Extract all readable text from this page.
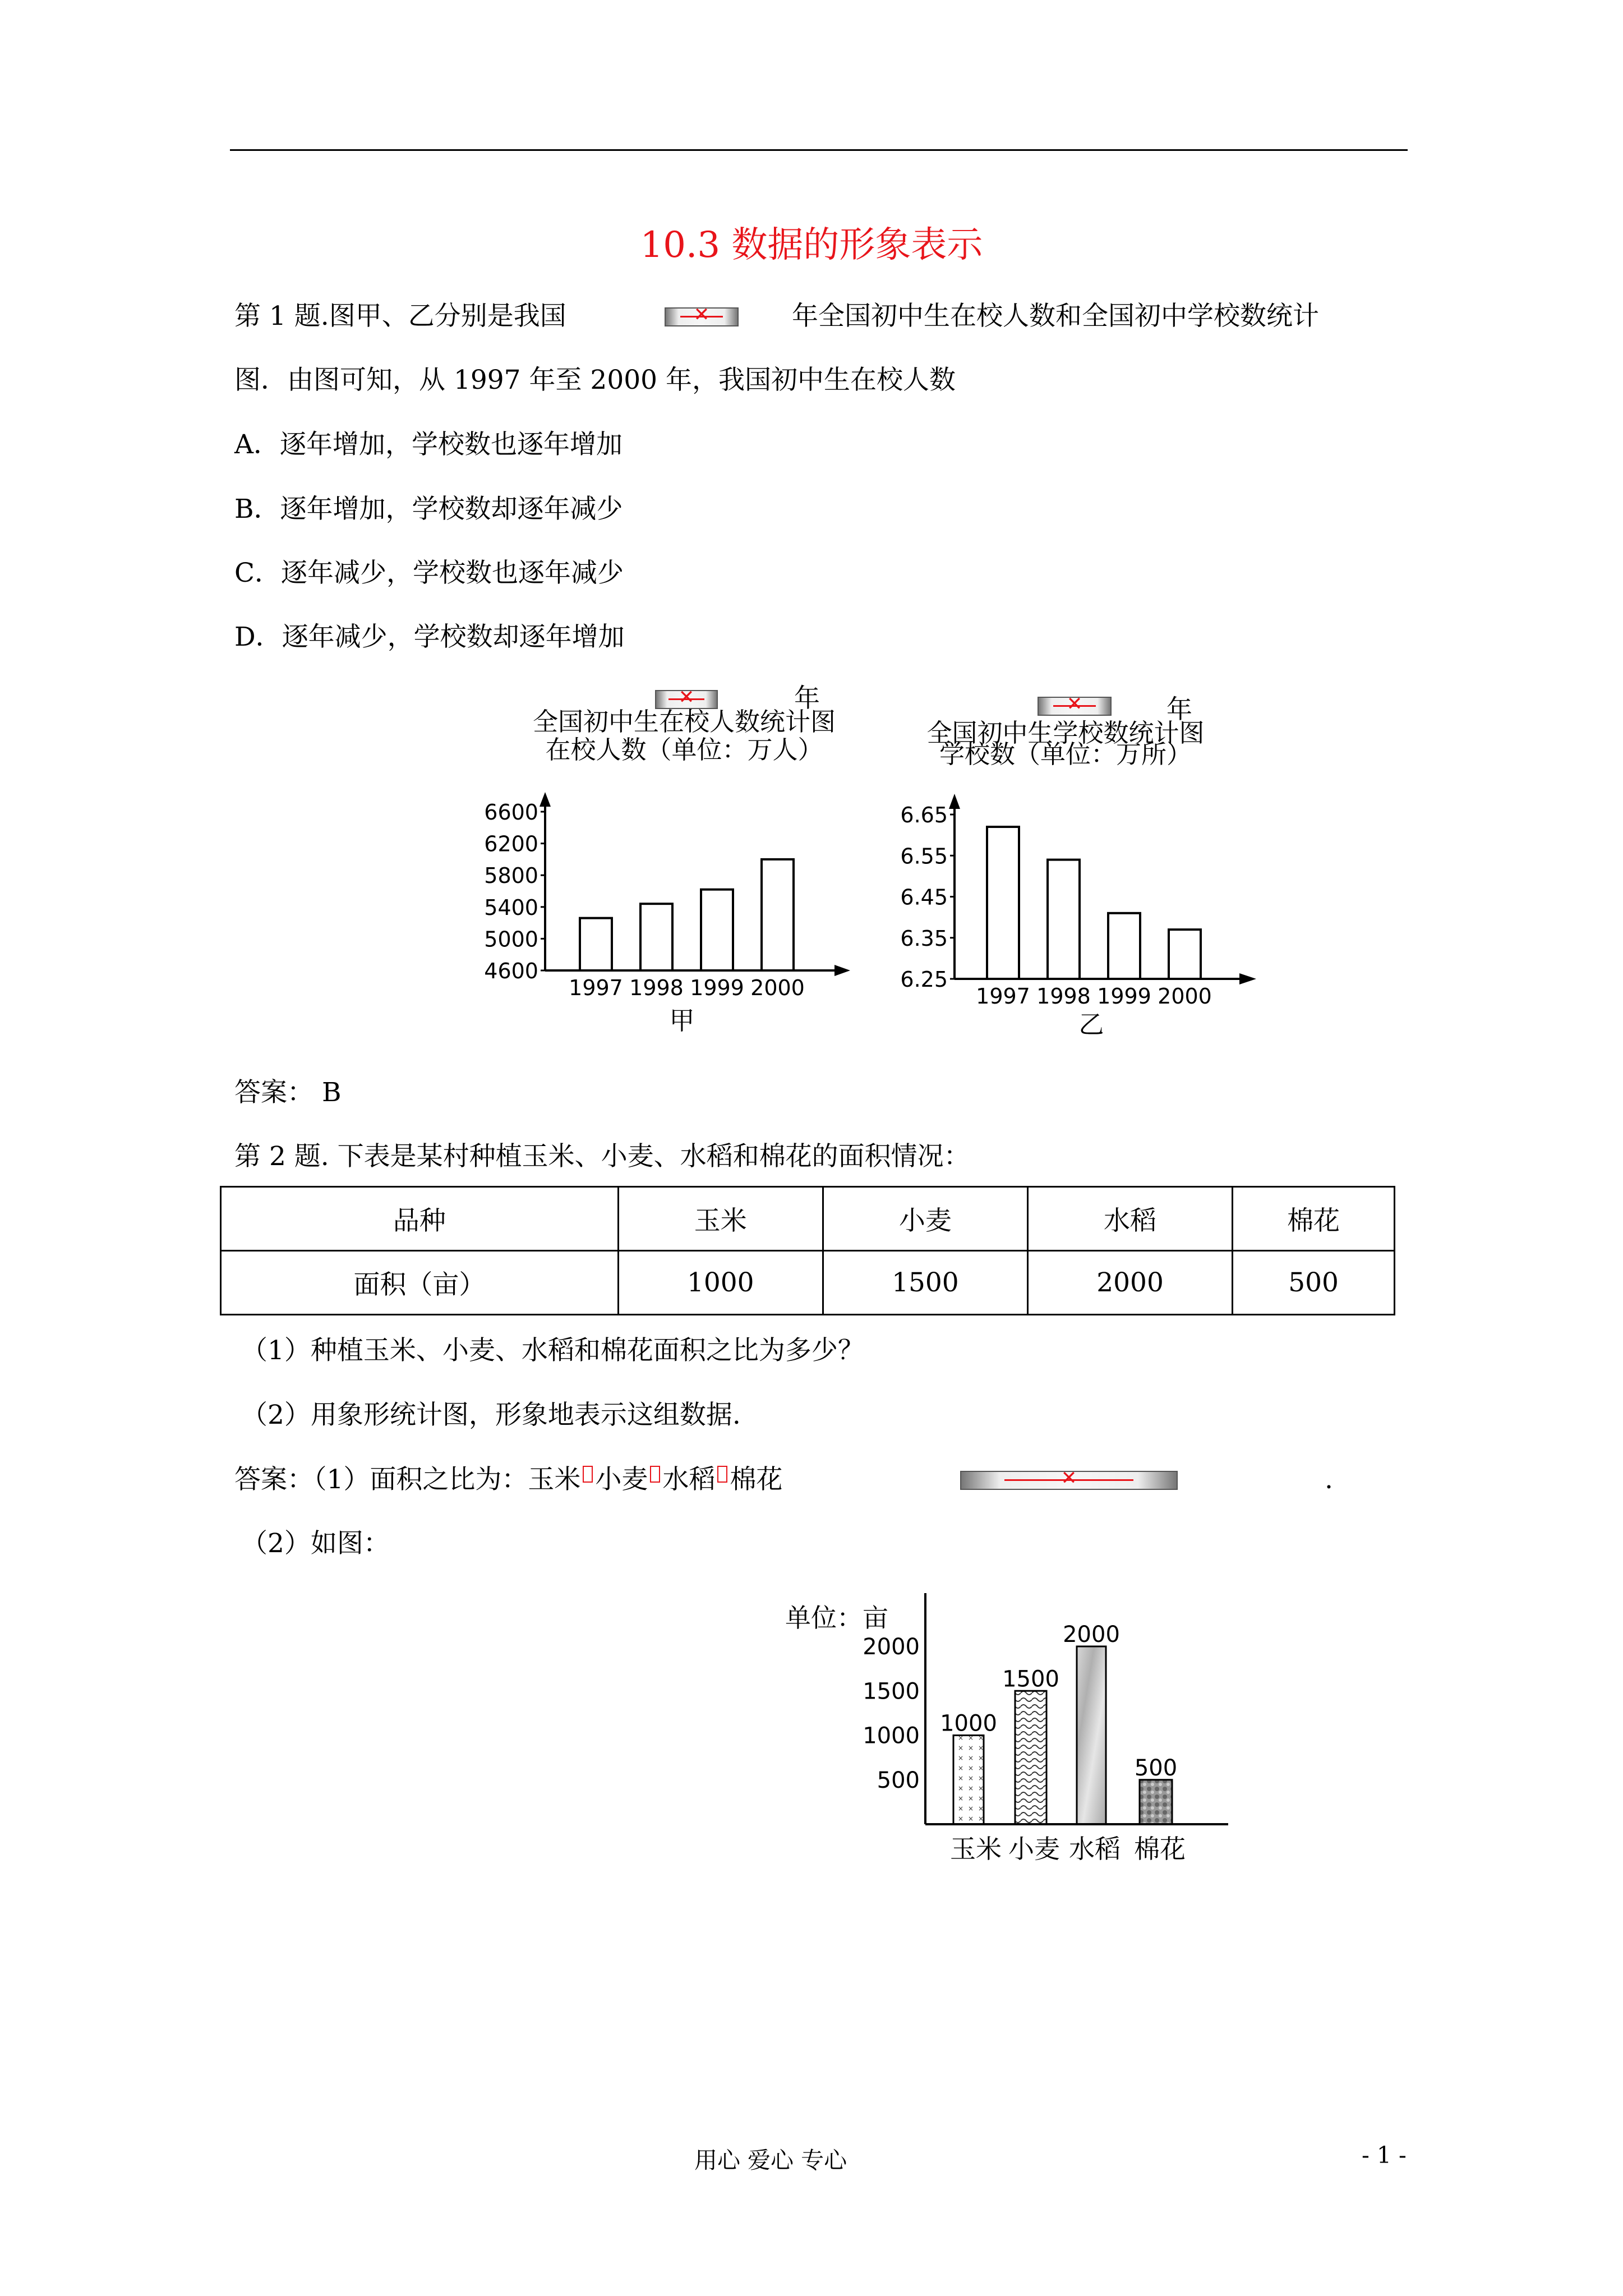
10.3 数据的形象表示
第 1 题.图甲、乙分别是我国 ✕	年全国初中生在校人数和全国初中学校数统计
图．由图可知，从 1997 年至 2000 年，我国初中生在校人数
A．逐年增加，学校数也逐年增加
B．逐年增加，学校数却逐年减少
C．逐年减少，学校数也逐年减少
D．逐年减少，学校数却逐年增加
✕
✕
年
全国初中生在校人数统计图
在校人数（单位：万人）
6600
6200
5800
5400
5000
4600
1997 1998 1999 2000
甲
年
全国初中生学校数统计图
学校数（单位：万所）
6.65
6.55
6.45
6.35
6.25
1997 1998 1999 2000
乙
答案： B
第 2 题. 下表是某村种植玉米、小麦、水稻和棉花的面积情况：
品种	玉米	小麦	水稻	棉花
面积（亩）	1000	1500	2000	500
（1）种植玉米、小麦、水稻和棉花面积之比为多少？
（2）用象形统计图，形象地表示这组数据.
答案：（1）面积之比为：玉米 小麦 水稻 棉花 ✕	.
（2）如图：
单位：亩
2000
1500
1000
500
1000
1500
2000
500
玉米 小麦 水稻 棉花
用心 爱心 专心	- 1 -
